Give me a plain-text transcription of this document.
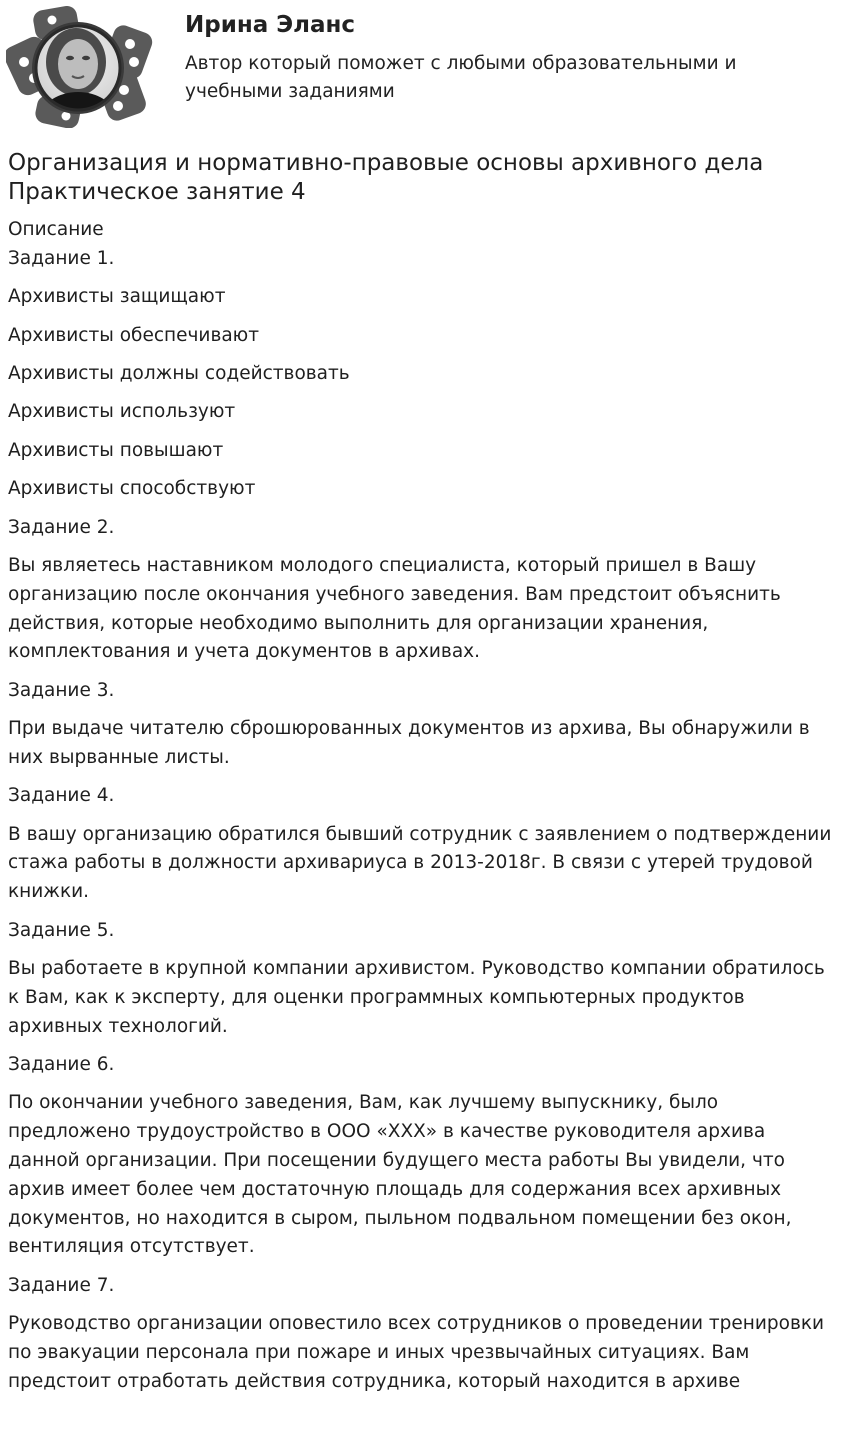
Ирина Эланс
Автор который поможет с любыми образовательными и учебными заданиями
Организация и нормативно-правовые основы архивного дела
Практическое занятие 4
Описание
Задание 1.
Архивисты защищают
Архивисты обеспечивают
Архивисты должны содействовать
Архивисты используют
Архивисты повышают
Архивисты способствуют
Задание 2.
Вы являетесь наставником молодого специалиста, который пришел в Вашу организацию после окончания учебного заведения. Вам предстоит объяснить действия, которые необходимо выполнить для организации хранения, комплектования и учета документов в архивах.
Задание 3.
При выдаче читателю сброшюрованных документов из архива, Вы обнаружили в них вырванные листы.
Задание 4.
В вашу организацию обратился бывший сотрудник с заявлением о подтверждении стажа работы в должности архивариуса в 2013-2018г. В связи с утерей трудовой книжки.
Задание 5.
Вы работаете в крупной компании архивистом. Руководство компании обратилось к Вам, как к эксперту, для оценки программных компьютерных продуктов архивных технологий.
Задание 6.
По окончании учебного заведения, Вам, как лучшему выпускнику, было предложено трудоустройство в ООО «XXX» в качестве руководителя архива данной организации. При посещении будущего места работы Вы увидели, что архив имеет более чем достаточную площадь для содержания всех архивных документов, но находится в сыром, пыльном подвальном помещении без окон, вентиляция отсутствует.
Задание 7.
Руководство организации оповестило всех сотрудников о проведении тренировки по эвакуации персонала при пожаре и иных чрезвычайных ситуациях. Вам предстоит отработать действия сотрудника, который находится в архиве
